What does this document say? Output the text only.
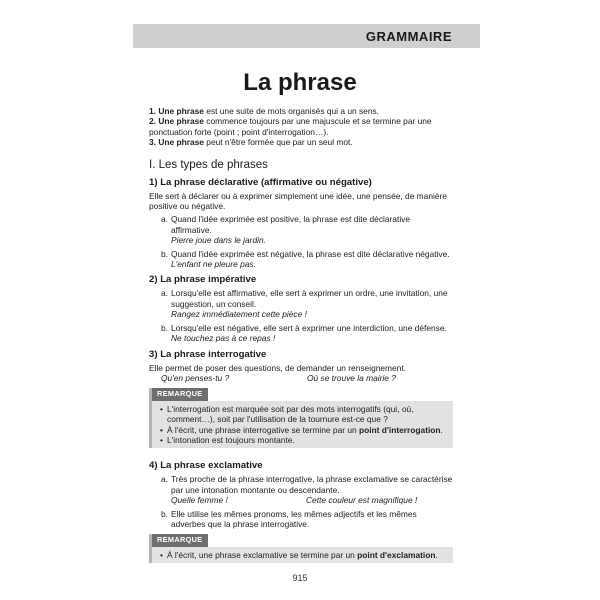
GRAMMAIRE
La phrase

1. Une phrase est une suite de mots organisés qui a un sens.

2. Une phrase commence toujours par une majuscule et se termine par une ponctuation forte (point ; point d'interrogation…).

3. Une phrase peut n'être formée que par un seul mot.

I. Les types de phrases
1) La phrase déclarative (affirmative ou négative)

Elle sert à déclarer ou à exprimer simplement une idée, une pensée, de manière positive ou négative.

a. Quand l'idée exprimée est positive, la phrase est dite déclarative affirmative.
Pierre joue dans le jardin.
b. Quand l'idée exprimée est négative, la phrase est dite déclarative négative.
L'enfant ne pleure pas.
2) La phrase impérative
a. Lorsqu'elle est affirmative, elle sert à exprimer un ordre, une invitation, une suggestion, un conseil.
Rangez immédiatement cette pièce !
b. Lorsqu'elle est négative, elle sert à exprimer une interdiction, une défense.
Ne touchez pas à ce repas !
3) La phrase interrogative

Elle permet de poser des questions, de demander un renseignement.

Qu'en penses-tu ?	Où se trouve la mairie ?
REMARQUE
• L'interrogation est marquée soit par des mots interrogatifs (qui, où, comment…), soit par l'utilisation de la tournure est-ce que ?
• À l'écrit, une phrase interrogative se termine par un point d'interrogation.
• L'intonation est toujours montante.
4) La phrase exclamative
a. Très proche de la phrase interrogative, la phrase exclamative se caractérise par une intonation montante ou descendante.
Quelle femme !	Cette couleur est magnifique !
b. Elle utilise les mêmes pronoms, les mêmes adjectifs et les mêmes adverbes que la phrase interrogative.
REMARQUE
• À l'écrit, une phrase exclamative se termine par un point d'exclamation.
915
